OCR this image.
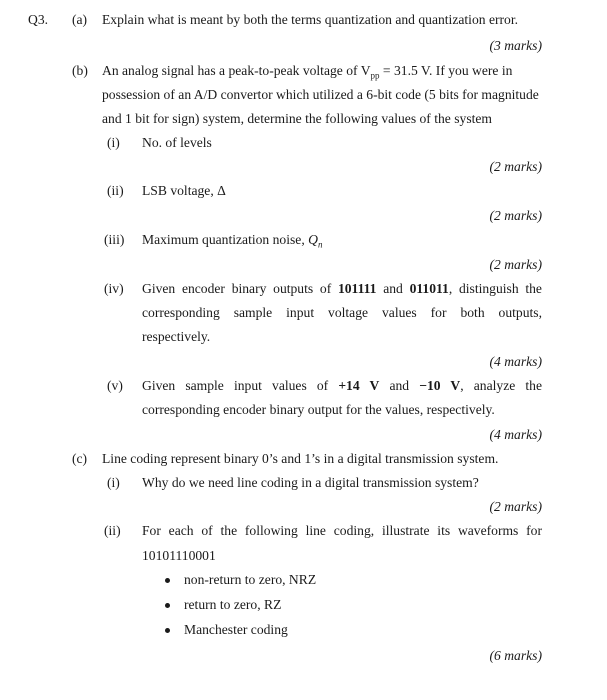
Q3. (a) Explain what is meant by both the terms quantization and quantization error.
(3 marks)
(b) An analog signal has a peak-to-peak voltage of $V_{pp} = 31.5$ V. If you were in
possession of an A/D convertor which utilized a 6-bit code (5 bits for magnitude
and 1 bit for sign) system, determine the following values of the system
(i) No. of levels
(2 marks)
(ii) LSB voltage, Δ
(2 marks)
(iii) Maximum quantization noise, $Q_n$
(2 marks)
(iv) Given encoder binary outputs of 101111 and 011011, distinguish the
corresponding sample input voltage values for both outputs,
respectively.
(4 marks)
(v) Given sample input values of +14 V and −10 V, analyze the
corresponding encoder binary output for the values, respectively.
(4 marks)
(c) Line coding represent binary 0’s and 1’s in a digital transmission system.
(i) Why do we need line coding in a digital transmission system?
(2 marks)
(ii) For each of the following line coding, illustrate its waveforms for
10101110001
non-return to zero, NRZ
return to zero, RZ
Manchester coding
(6 marks)
